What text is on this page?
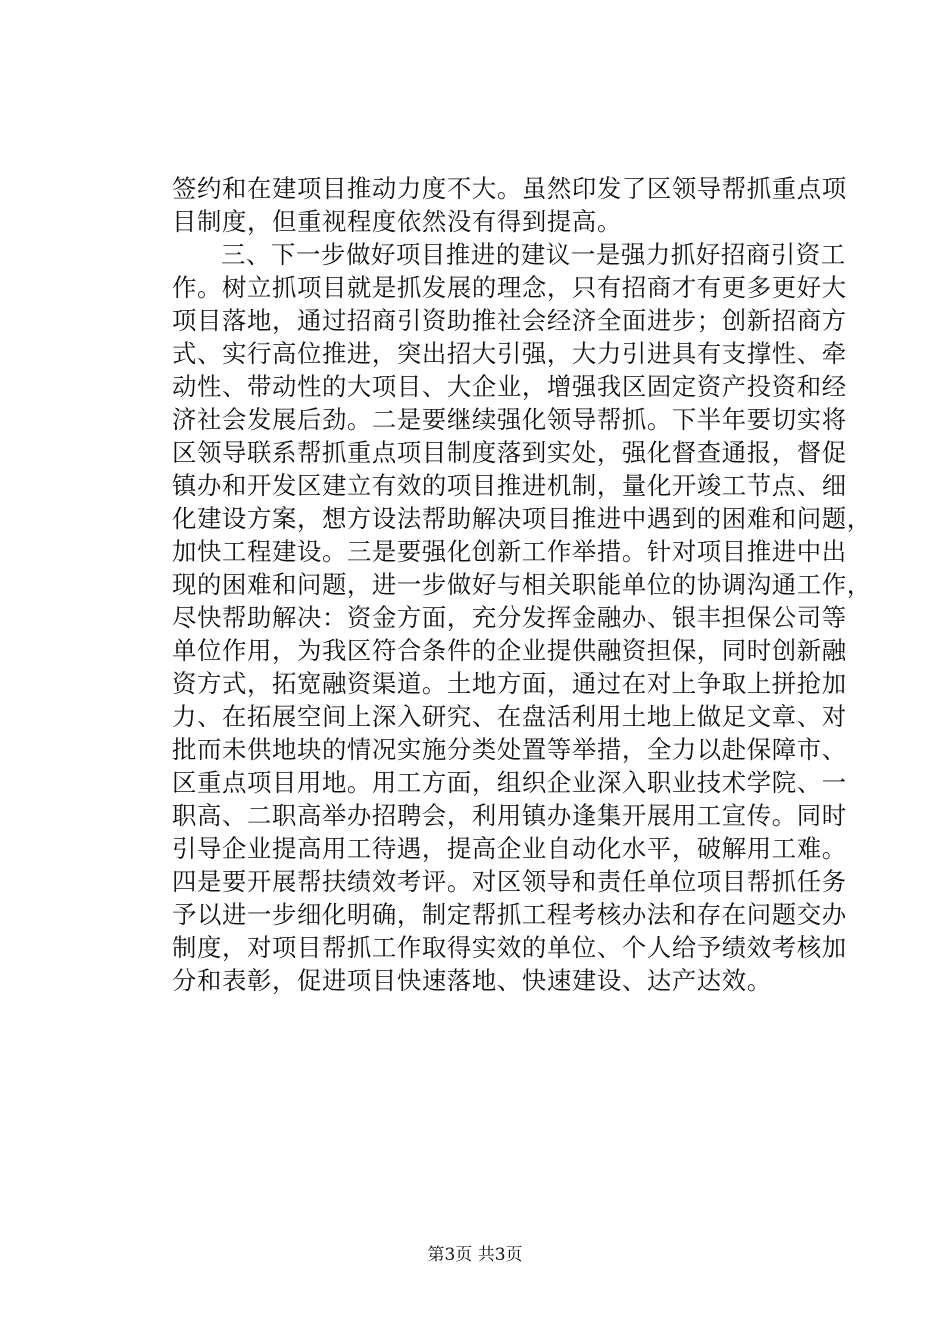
签约和在建项目推动力度不大。虽然印发了区领导帮抓重点项
目制度，但重视程度依然没有得到提高。
三、下一步做好项目推进的建议一是强力抓好招商引资工
作。树立抓项目就是抓发展的理念，只有招商才有更多更好大
项目落地，通过招商引资助推社会经济全面进步；创新招商方
式、实行高位推进，突出招大引强，大力引进具有支撑性、牵
动性、带动性的大项目、大企业，增强我区固定资产投资和经
济社会发展后劲。二是要继续强化领导帮抓。下半年要切实将
区领导联系帮抓重点项目制度落到实处，强化督查通报，督促
镇办和开发区建立有效的项目推进机制，量化开竣工节点、细
化建设方案，想方设法帮助解决项目推进中遇到的困难和问题，
加快工程建设。三是要强化创新工作举措。针对项目推进中出
现的困难和问题，进一步做好与相关职能单位的协调沟通工作，
尽快帮助解决：资金方面，充分发挥金融办、银丰担保公司等
单位作用，为我区符合条件的企业提供融资担保，同时创新融
资方式，拓宽融资渠道。土地方面，通过在对上争取上拼抢加
力、在拓展空间上深入研究、在盘活利用土地上做足文章、对
批而未供地块的情况实施分类处置等举措，全力以赴保障市、
区重点项目用地。用工方面，组织企业深入职业技术学院、一
职高、二职高举办招聘会，利用镇办逢集开展用工宣传。同时
引导企业提高用工待遇，提高企业自动化水平，破解用工难。
四是要开展帮扶绩效考评。对区领导和责任单位项目帮抓任务
予以进一步细化明确，制定帮抓工程考核办法和存在问题交办
制度，对项目帮抓工作取得实效的单位、个人给予绩效考核加
分和表彰，促进项目快速落地、快速建设、达产达效。
第3页 共3页
